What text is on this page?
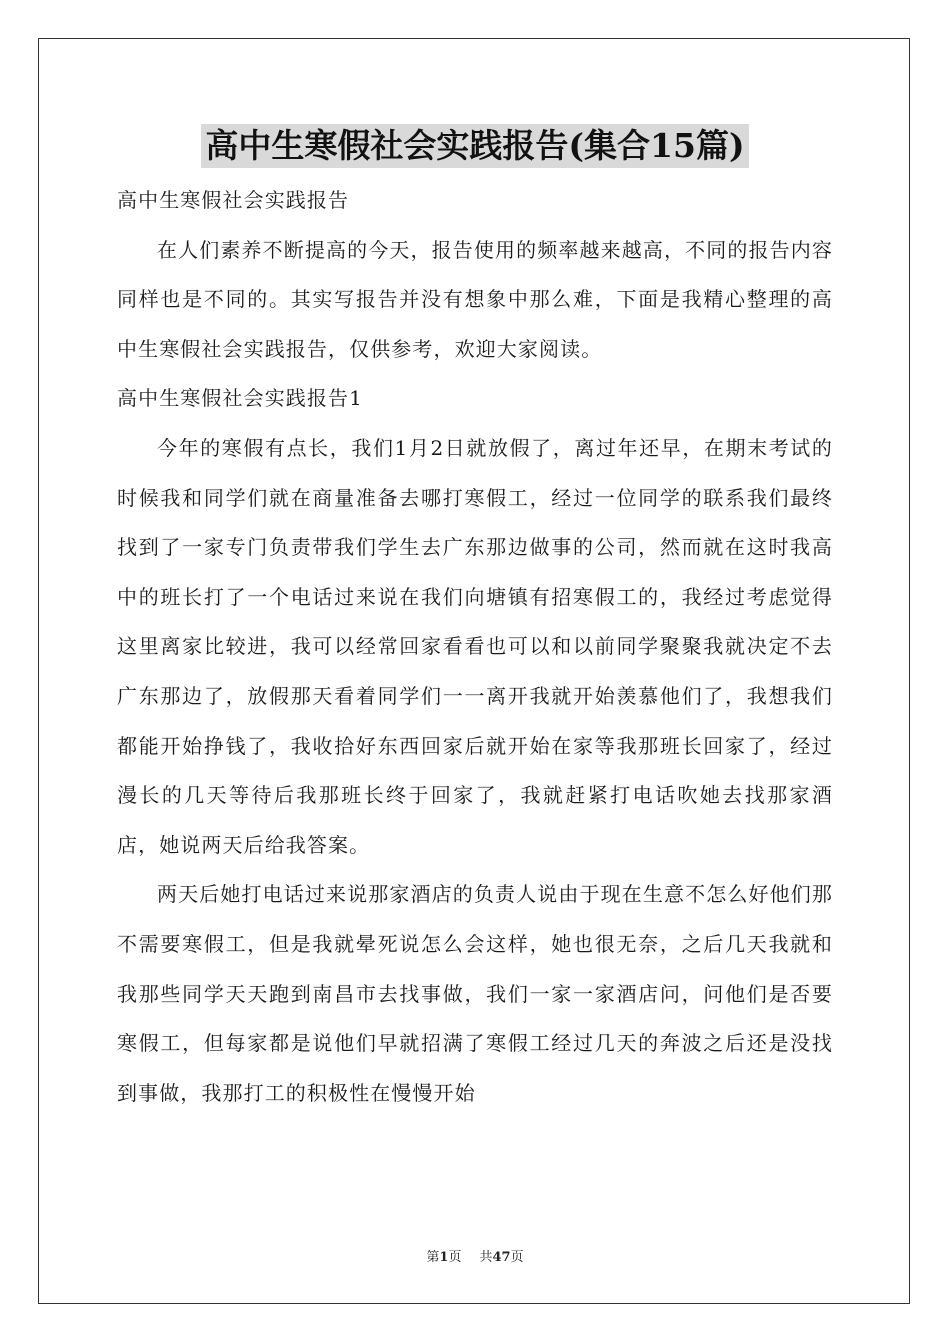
高中生寒假社会实践报告(集合15篇)

高中生寒假社会实践报告

在人们素养不断提高的今天，报告使用的频率越来越高，不同的报告内容同样也是不同的。其实写报告并没有想象中那么难，下面是我精心整理的高中生寒假社会实践报告，仅供参考，欢迎大家阅读。

高中生寒假社会实践报告1

今年的寒假有点长，我们1月2日就放假了，离过年还早，在期末考试的时候我和同学们就在商量准备去哪打寒假工，经过一位同学的联系我们最终找到了一家专门负责带我们学生去广东那边做事的公司，然而就在这时我高中的班长打了一个电话过来说在我们向塘镇有招寒假工的，我经过考虑觉得这里离家比较进，我可以经常回家看看也可以和以前同学聚聚我就决定不去广东那边了，放假那天看着同学们一一离开我就开始羡慕他们了，我想我们都能开始挣钱了，我收拾好东西回家后就开始在家等我那班长回家了，经过漫长的几天等待后我那班长终于回家了，我就赶紧打电话吹她去找那家酒店，她说两天后给我答案。

两天后她打电话过来说那家酒店的负责人说由于现在生意不怎么好他们那不需要寒假工，但是我就晕死说怎么会这样，她也很无奈，之后几天我就和我那些同学天天跑到南昌市去找事做，我们一家一家酒店问，问他们是否要寒假工，但每家都是说他们早就招满了寒假工经过几天的奔波之后还是没找到事做，我那打工的积极性在慢慢开始

第1页 共47页
